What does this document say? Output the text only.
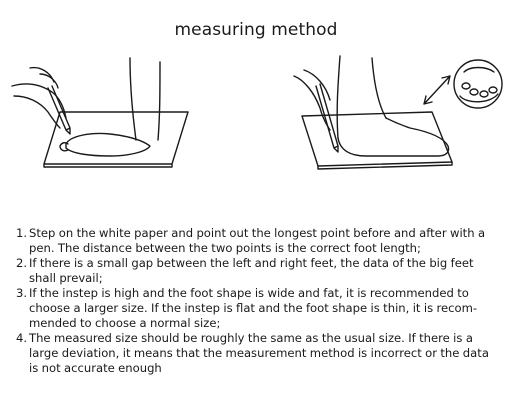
measuring method
1. Step on the white paper and point out the longest point before and after with a pen. The distance between the two points is the correct foot length;
2. If there is a small gap between the left and right feet, the data of the big feet shall prevail;
3. If the instep is high and the foot shape is wide and fat, it is recommended to choose a larger size. If the instep is flat and the foot shape is thin, it is recom-mended to choose a normal size;
4. The measured size should be roughly the same as the usual size. If there is a large deviation, it means that the measurement method is incorrect or the data is not accurate enough
